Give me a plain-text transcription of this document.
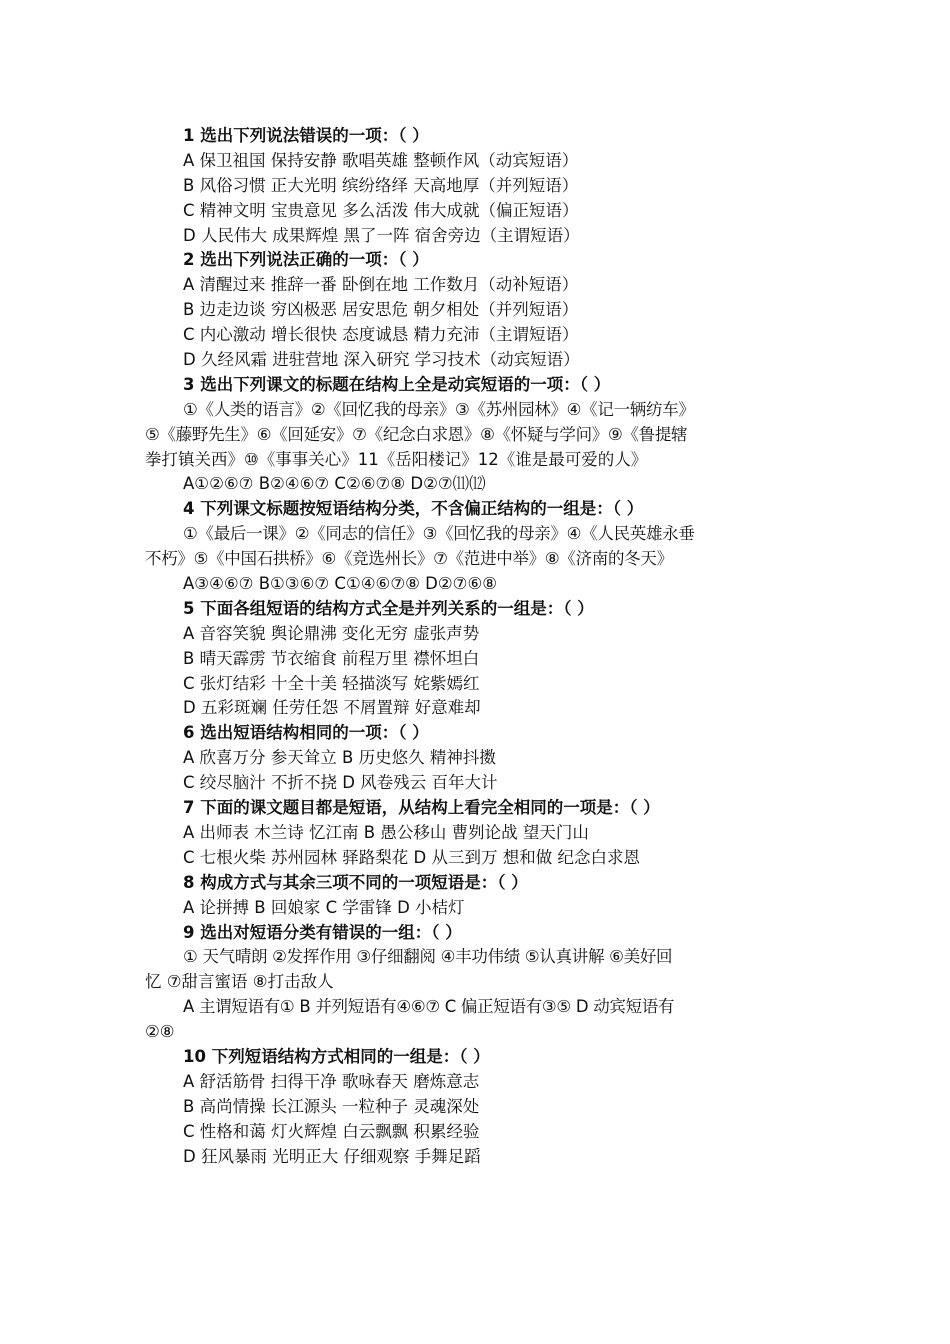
1 选出下列说法错误的一项：（ ）
A 保卫祖国 保持安静 歌唱英雄 整顿作风（动宾短语）
B 风俗习惯 正大光明 缤纷络绎 天高地厚（并列短语）
C 精神文明 宝贵意见 多么活泼 伟大成就（偏正短语）
D 人民伟大 成果辉煌 黑了一阵 宿舍旁边（主谓短语）
2 选出下列说法正确的一项：（ ）
A 清醒过来 推辞一番 卧倒在地 工作数月（动补短语）
B 边走边谈 穷凶极恶 居安思危 朝夕相处（并列短语）
C 内心激动 增长很快 态度诚恳 精力充沛（主谓短语）
D 久经风霜 进驻营地 深入研究 学习技术（动宾短语）
3 选出下列课文的标题在结构上全是动宾短语的一项：（ ）
①《人类的语言》②《回忆我的母亲》③《苏州园林》④《记一辆纺车》
⑤《藤野先生》⑥《回延安》⑦《纪念白求恩》⑧《怀疑与学问》⑨《鲁提辖
拳打镇关西》⑩《事事关心》11《岳阳楼记》12《谁是最可爱的人》
A①②⑥⑦ B②④⑥⑦ C②⑥⑦⑧ D②⑦⑾⑿
4 下列课文标题按短语结构分类，不含偏正结构的一组是：（ ）
①《最后一课》②《同志的信任》③《回忆我的母亲》④《人民英雄永垂
不朽》⑤《中国石拱桥》⑥《竞选州长》⑦《范进中举》⑧《济南的冬天》
A③④⑥⑦ B①③⑥⑦ C①④⑥⑦⑧ D②⑦⑥⑧
5 下面各组短语的结构方式全是并列关系的一组是：（ ）
A 音容笑貌 舆论鼎沸 变化无穷 虚张声势
B 晴天霹雳 节衣缩食 前程万里 襟怀坦白
C 张灯结彩 十全十美 轻描淡写 姹紫嫣红
D 五彩斑斓 任劳任怨 不屑置辩 好意难却
6 选出短语结构相同的一项：（ ）
A 欣喜万分 参天耸立 B 历史悠久 精神抖擞
C 绞尽脑汁 不折不挠 D 风卷残云 百年大计
7 下面的课文题目都是短语，从结构上看完全相同的一项是：（ ）
A 出师表 木兰诗 忆江南 B 愚公移山 曹刿论战 望天门山
C 七根火柴 苏州园林 驿路梨花 D 从三到万 想和做 纪念白求恩
8 构成方式与其余三项不同的一项短语是：（ ）
A 论拼搏 B 回娘家 C 学雷锋 D 小桔灯
9 选出对短语分类有错误的一组：（ ）
① 天气晴朗 ②发挥作用 ③仔细翻阅 ④丰功伟绩 ⑤认真讲解 ⑥美好回
忆 ⑦甜言蜜语 ⑧打击敌人
A 主谓短语有① B 并列短语有④⑥⑦ C 偏正短语有③⑤ D 动宾短语有
②⑧
10 下列短语结构方式相同的一组是：（ ）
A 舒活筋骨 扫得干净 歌咏春天 磨炼意志
B 高尚情操 长江源头 一粒种子 灵魂深处
C 性格和蔼 灯火辉煌 白云飘飘 积累经验
D 狂风暴雨 光明正大 仔细观察 手舞足蹈
